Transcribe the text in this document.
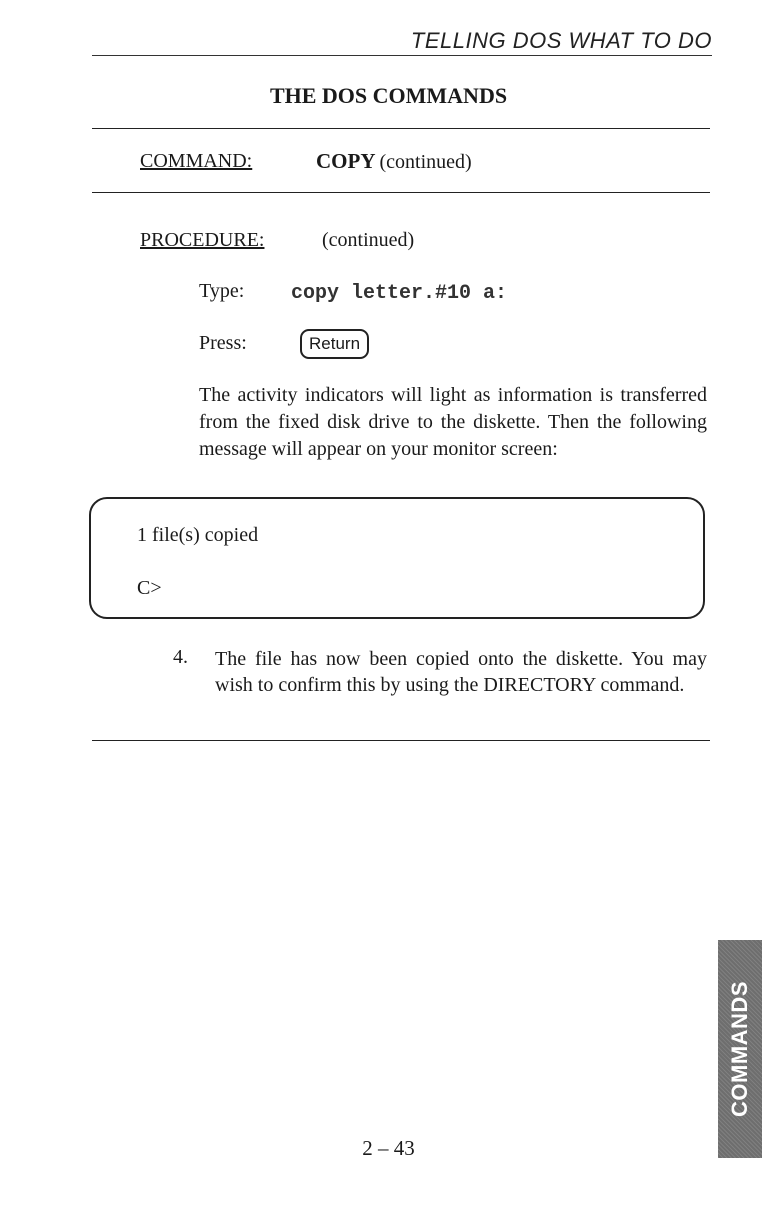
TELLING DOS WHAT TO DO
THE DOS COMMANDS
COMMAND:	COPY (continued)
PROCEDURE:	(continued)
Type: copy letter.#10 a:
Press:	Return
The activity indicators will light as information is transferred from the fixed disk drive to the diskette. Then the following message will appear on your monitor screen:
1 file(s) copied
C>
4. The file has now been copied onto the diskette. You may wish to confirm this by using the DIRECTORY command.
2 – 43
COMMANDS
